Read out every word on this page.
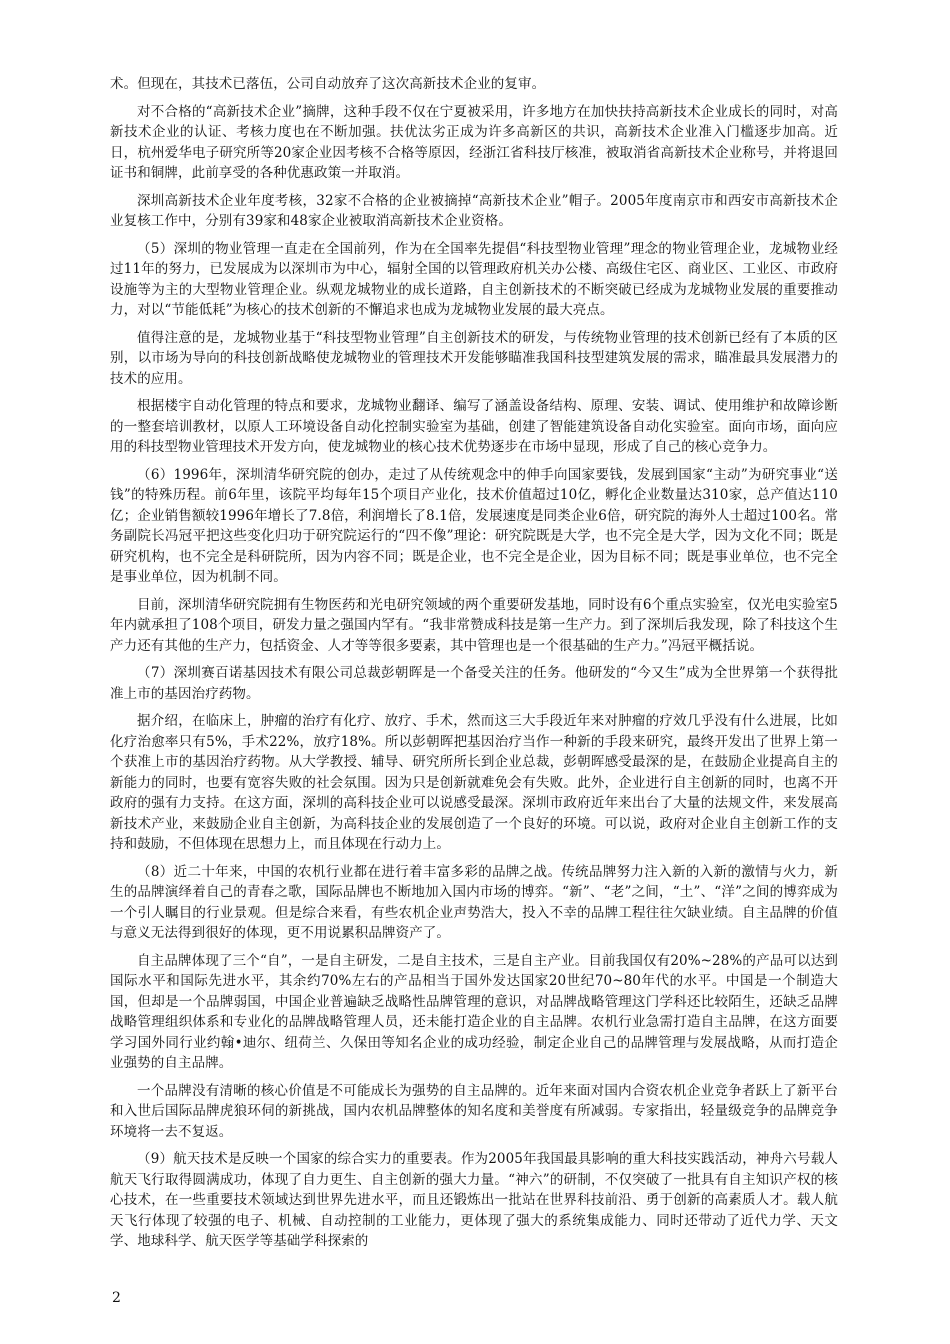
术。但现在，其技术已落伍，公司自动放弃了这次高新技术企业的复审。

对不合格的“高新技术企业”摘牌，这种手段不仅在宁夏被采用，许多地方在加快扶持高新技术企业成长的同时，对高新技术企业的认证、考核力度也在不断加强。扶优汰劣正成为许多高新区的共识，高新技术企业准入门槛逐步加高。近日，杭州爱华电子研究所等20家企业因考核不合格等原因，经浙江省科技厅核准，被取消省高新技术企业称号，并将退回证书和铜牌，此前享受的各种优惠政策一并取消。

深圳高新技术企业年度考核，32家不合格的企业被摘掉“高新技术企业”帽子。2005年度南京市和西安市高新技术企业复核工作中，分别有39家和48家企业被取消高新技术企业资格。

（5）深圳的物业管理一直走在全国前列，作为在全国率先提倡“科技型物业管理”理念的物业管理企业，龙城物业经过11年的努力，已发展成为以深圳市为中心，辐射全国的以管理政府机关办公楼、高级住宅区、商业区、工业区、市政府设施等为主的大型物业管理企业。纵观龙城物业的成长道路，自主创新技术的不断突破已经成为龙城物业发展的重要推动力，对以“节能低耗”为核心的技术创新的不懈追求也成为龙城物业发展的最大亮点。

值得注意的是，龙城物业基于“科技型物业管理”自主创新技术的研发，与传统物业管理的技术创新已经有了本质的区别，以市场为导向的科技创新战略使龙城物业的管理技术开发能够瞄准我国科技型建筑发展的需求，瞄准最具发展潜力的技术的应用。

根据楼宇自动化管理的特点和要求，龙城物业翻译、编写了涵盖设备结构、原理、安装、调试、使用维护和故障诊断的一整套培训教材，以原人工环境设备自动化控制实验室为基础，创建了智能建筑设备自动化实验室。面向市场，面向应用的科技型物业管理技术开发方向，使龙城物业的核心技术优势逐步在市场中显现，形成了自己的核心竞争力。

（6）1996年，深圳清华研究院的创办，走过了从传统观念中的伸手向国家要钱，发展到国家“主动”为研究事业“送钱”的特殊历程。前6年里，该院平均每年15个项目产业化，技术价值超过10亿，孵化企业数量达310家，总产值达110亿；企业销售额较1996年增长了7.8倍，利润增长了8.1倍，发展速度是同类企业6倍，研究院的海外人士超过100名。常务副院长冯冠平把这些变化归功于研究院运行的“四不像”理论：研究院既是大学，也不完全是大学，因为文化不同；既是研究机构，也不完全是科研院所，因为内容不同；既是企业，也不完全是企业，因为目标不同；既是事业单位，也不完全是事业单位，因为机制不同。

目前，深圳清华研究院拥有生物医药和光电研究领域的两个重要研发基地，同时设有6个重点实验室，仅光电实验室5年内就承担了108个项目，研发力量之强国内罕有。“我非常赞成科技是第一生产力。到了深圳后我发现，除了科技这个生产力还有其他的生产力，包括资金、人才等等很多要素，其中管理也是一个很基础的生产力。”冯冠平概括说。

（7）深圳赛百诺基因技术有限公司总裁彭朝晖是一个备受关注的任务。他研发的“今又生”成为全世界第一个获得批准上市的基因治疗药物。

据介绍，在临床上，肿瘤的治疗有化疗、放疗、手术，然而这三大手段近年来对肿瘤的疗效几乎没有什么进展，比如化疗治愈率只有5%，手术22%，放疗18%。所以彭朝晖把基因治疗当作一种新的手段来研究，最终开发出了世界上第一个获准上市的基因治疗药物。从大学教授、辅导、研究所所长到企业总裁，彭朝晖感受最深的是，在鼓励企业提高自主的新能力的同时，也要有宽容失败的社会氛围。因为只是创新就难免会有失败。此外，企业进行自主创新的同时，也离不开政府的强有力支持。在这方面，深圳的高科技企业可以说感受最深。深圳市政府近年来出台了大量的法规文件，来发展高新技术产业，来鼓励企业自主创新，为高科技企业的发展创造了一个良好的环境。可以说，政府对企业自主创新工作的支持和鼓励，不但体现在思想力上，而且体现在行动力上。

（8）近二十年来，中国的农机行业都在进行着丰富多彩的品牌之战。传统品牌努力注入新的入新的激情与火力，新生的品牌演绎着自己的青春之歌，国际品牌也不断地加入国内市场的博弈。“新”、“老”之间，“土”、“洋”之间的博弈成为一个引人瞩目的行业景观。但是综合来看，有些农机企业声势浩大，投入不幸的品牌工程往往欠缺业绩。自主品牌的价值与意义无法得到很好的体现，更不用说累积品牌资产了。

自主品牌体现了三个“自”，一是自主研发，二是自主技术，三是自主产业。目前我国仅有20%~28%的产品可以达到国际水平和国际先进水平，其余约70%左右的产品相当于国外发达国家20世纪70~80年代的水平。中国是一个制造大国，但却是一个品牌弱国，中国企业普遍缺乏战略性品牌管理的意识，对品牌战略管理这门学科还比较陌生，还缺乏品牌战略管理组织体系和专业化的品牌战略管理人员，还未能打造企业的自主品牌。农机行业急需打造自主品牌，在这方面要学习国外同行业约翰•迪尔、纽荷兰、久保田等知名企业的成功经验，制定企业自己的品牌管理与发展战略，从而打造企业强势的自主品牌。

一个品牌没有清晰的核心价值是不可能成长为强势的自主品牌的。近年来面对国内合资农机企业竞争者跃上了新平台和入世后国际品牌虎狼环伺的新挑战，国内农机品牌整体的知名度和美誉度有所减弱。专家指出，轻量级竞争的品牌竞争环境将一去不复返。

（9）航天技术是反映一个国家的综合实力的重要表。作为2005年我国最具影响的重大科技实践活动，神舟六号载人航天飞行取得圆满成功，体现了自力更生、自主创新的强大力量。“神六”的研制，不仅突破了一批具有自主知识产权的核心技术，在一些重要技术领域达到世界先进水平，而且还锻炼出一批站在世界科技前沿、勇于创新的高素质人才。载人航天飞行体现了较强的电子、机械、自动控制的工业能力，更体现了强大的系统集成能力、同时还带动了近代力学、天文学、地球科学、航天医学等基础学科探索的

2
